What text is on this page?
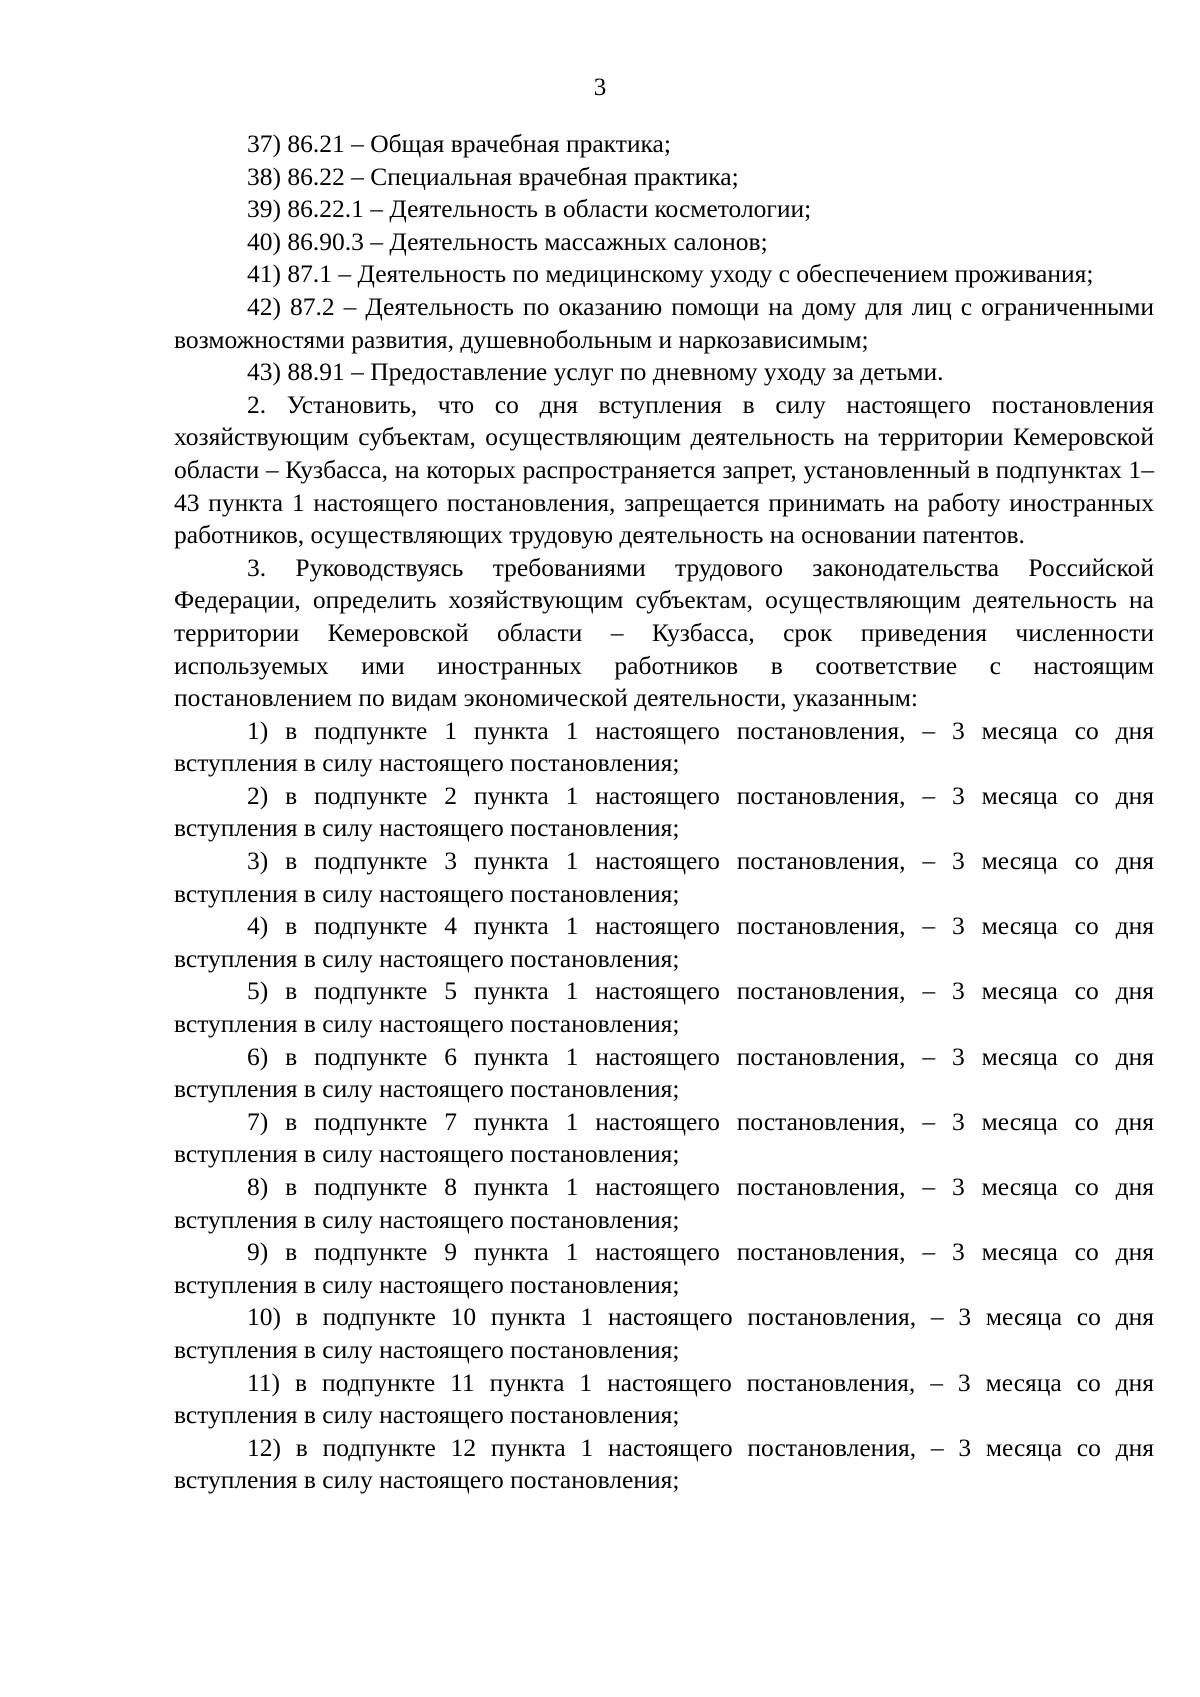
3

37) 86.21 – Общая врачебная практика;

38) 86.22 – Специальная врачебная практика;

39) 86.22.1 – Деятельность в области косметологии;

40) 86.90.3 – Деятельность массажных салонов;

41) 87.1 – Деятельность по медицинскому уходу с обеспечением проживания;

42) 87.2 – Деятельность по оказанию помощи на дому для лиц с ограниченными возможностями развития, душевнобольным и наркозависимым;

43) 88.91 – Предоставление услуг по дневному уходу за детьми.

2. Установить, что со дня вступления в силу настоящего постановления хозяйствующим субъектам, осуществляющим деятельность на территории Кемеровской области – Кузбасса, на которых распространяется запрет, установленный в подпунктах 1–43 пункта 1 настоящего постановления, запрещается принимать на работу иностранных работников, осуществляющих трудовую деятельность на основании патентов.

3. Руководствуясь требованиями трудового законодательства Российской Федерации, определить хозяйствующим субъектам, осуществляющим деятельность на территории Кемеровской области – Кузбасса, срок приведения численности используемых ими иностранных работников в соответствие с настоящим постановлением по видам экономической деятельности, указанным:

1) в подпункте 1 пункта 1 настоящего постановления, – 3 месяца со дня вступления в силу настоящего постановления;

2) в подпункте 2 пункта 1 настоящего постановления, – 3 месяца со дня вступления в силу настоящего постановления;

3) в подпункте 3 пункта 1 настоящего постановления, – 3 месяца со дня вступления в силу настоящего постановления;

4) в подпункте 4 пункта 1 настоящего постановления, – 3 месяца со дня вступления в силу настоящего постановления;

5) в подпункте 5 пункта 1 настоящего постановления, – 3 месяца со дня вступления в силу настоящего постановления;

6) в подпункте 6 пункта 1 настоящего постановления, – 3 месяца со дня вступления в силу настоящего постановления;

7) в подпункте 7 пункта 1 настоящего постановления, – 3 месяца со дня вступления в силу настоящего постановления;

8) в подпункте 8 пункта 1 настоящего постановления, – 3 месяца со дня вступления в силу настоящего постановления;

9) в подпункте 9 пункта 1 настоящего постановления, – 3 месяца со дня вступления в силу настоящего постановления;

10) в подпункте 10 пункта 1 настоящего постановления, – 3 месяца со дня вступления в силу настоящего постановления;

11) в подпункте 11 пункта 1 настоящего постановления, – 3 месяца со дня вступления в силу настоящего постановления;

12) в подпункте 12 пункта 1 настоящего постановления, – 3 месяца со дня вступления в силу настоящего постановления;
